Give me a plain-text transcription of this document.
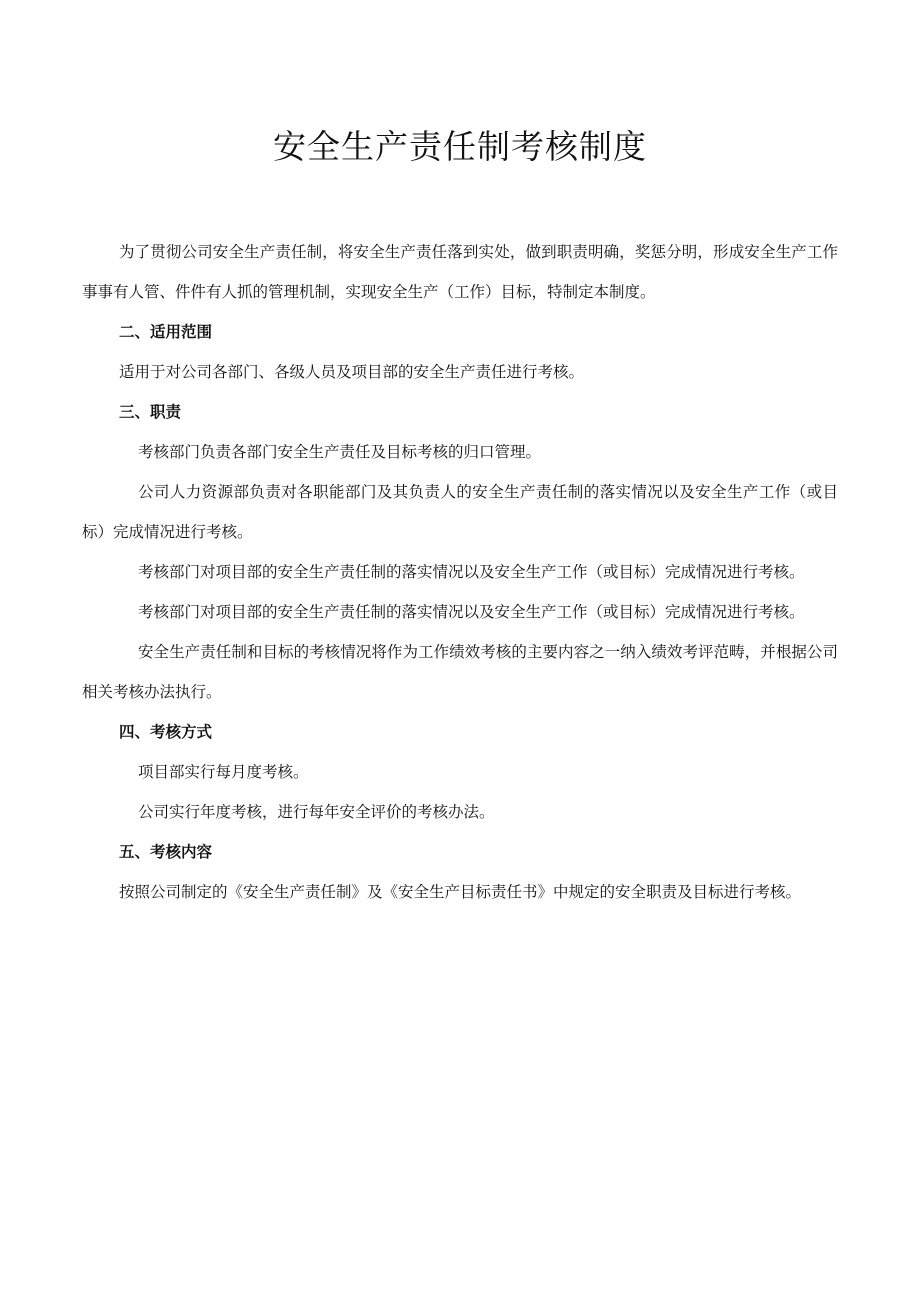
安全生产责任制考核制度

为了贯彻公司安全生产责任制，将安全生产责任落到实处，做到职责明确，奖惩分明，形成安全生产工作事事有人管、件件有人抓的管理机制，实现安全生产（工作）目标，特制定本制度。

二、适用范围

适用于对公司各部门、各级人员及项目部的安全生产责任进行考核。

三、职责

考核部门负责各部门安全生产责任及目标考核的归口管理。

公司人力资源部负责对各职能部门及其负责人的安全生产责任制的落实情况以及安全生产工作（或目标）完成情况进行考核。

考核部门对项目部的安全生产责任制的落实情况以及安全生产工作（或目标）完成情况进行考核。

考核部门对项目部的安全生产责任制的落实情况以及安全生产工作（或目标）完成情况进行考核。

安全生产责任制和目标的考核情况将作为工作绩效考核的主要内容之一纳入绩效考评范畴，并根据公司相关考核办法执行。

四、考核方式

项目部实行每月度考核。

公司实行年度考核，进行每年安全评价的考核办法。

五、考核内容

按照公司制定的《安全生产责任制》及《安全生产目标责任书》中规定的安全职责及目标进行考核。
